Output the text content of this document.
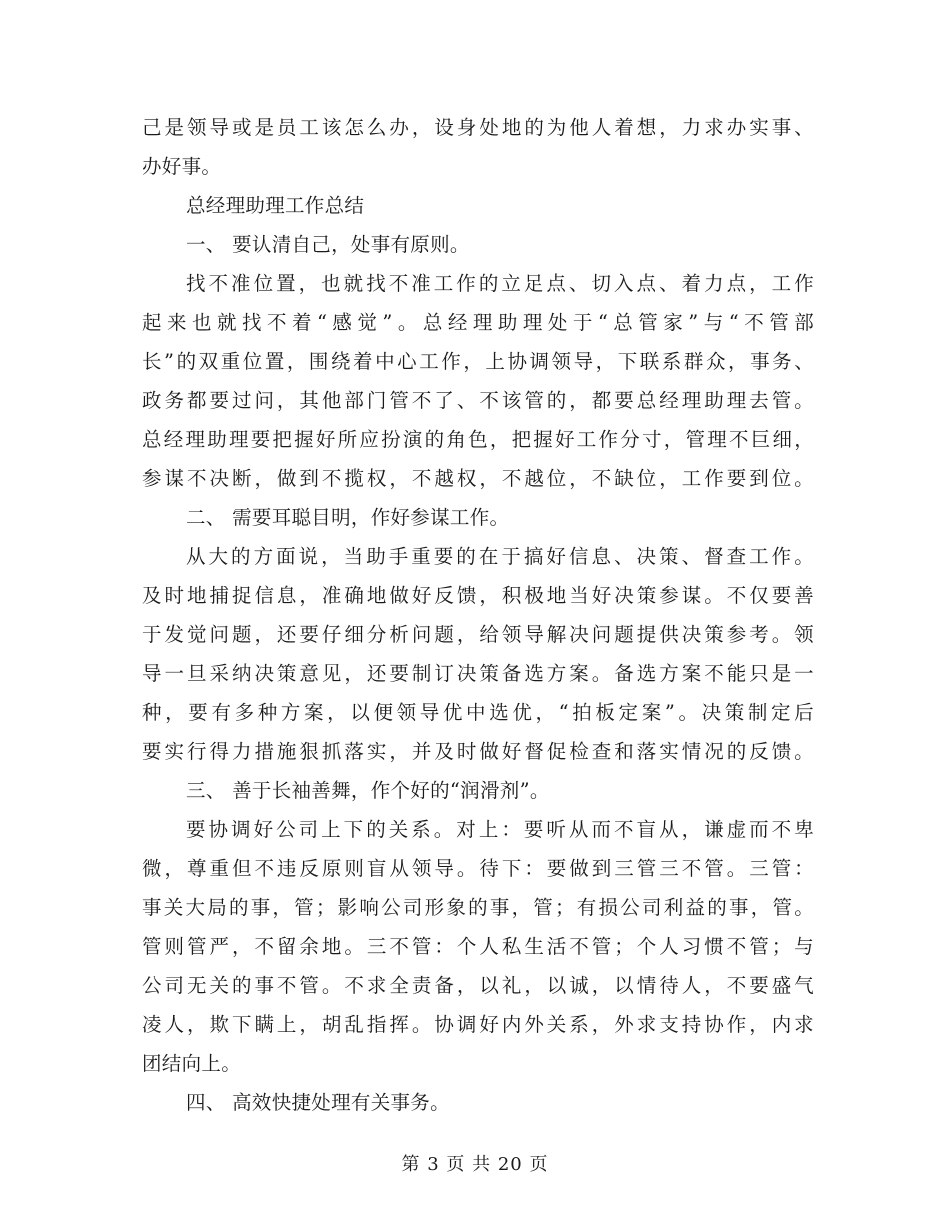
己是领导或是员工该怎么办，设身处地的为他人着想，力求办实事、
办好事。
总经理助理工作总结
一、 要认清自己，处事有原则。
找不准位置，也就找不准工作的立足点、切入点、着力点，工作
起来也就找不着“感觉”。总经理助理处于“总管家”与“不管部
长”的双重位置，围绕着中心工作，上协调领导，下联系群众，事务、
政务都要过问，其他部门管不了、不该管的，都要总经理助理去管。
总经理助理要把握好所应扮演的角色，把握好工作分寸，管理不巨细，
参谋不决断，做到不揽权，不越权，不越位，不缺位，工作要到位。
二、 需要耳聪目明，作好参谋工作。
从大的方面说，当助手重要的在于搞好信息、决策、督查工作。
及时地捕捉信息，准确地做好反馈，积极地当好决策参谋。不仅要善
于发觉问题，还要仔细分析问题，给领导解决问题提供决策参考。领
导一旦采纳决策意见，还要制订决策备选方案。备选方案不能只是一
种，要有多种方案，以便领导优中选优，“拍板定案”。决策制定后
要实行得力措施狠抓落实，并及时做好督促检查和落实情况的反馈。
三、 善于长袖善舞，作个好的“润滑剂”。
要协调好公司上下的关系。对上：要听从而不盲从，谦虚而不卑
微，尊重但不违反原则盲从领导。待下：要做到三管三不管。三管：
事关大局的事，管；影响公司形象的事，管；有损公司利益的事，管。
管则管严，不留余地。三不管：个人私生活不管；个人习惯不管；与
公司无关的事不管。不求全责备，以礼，以诚，以情待人，不要盛气
凌人，欺下瞒上，胡乱指挥。协调好内外关系，外求支持协作，内求
团结向上。
四、 高效快捷处理有关事务。
第 3 页 共 20 页
